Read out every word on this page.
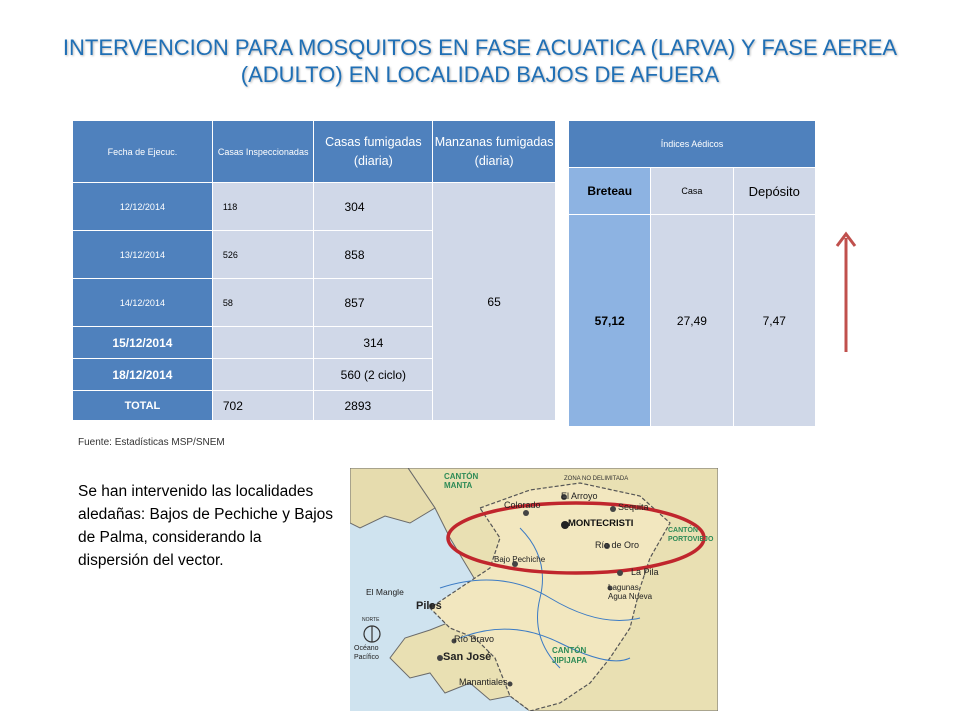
INTERVENCION PARA MOSQUITOS EN FASE ACUATICA (LARVA) Y FASE AEREA
(ADULTO) EN LOCALIDAD BAJOS DE AFUERA
Fecha de Ejecuc.	Casas Inspeccionadas	Casas fumigadas (diaria)	Manzanas fumigadas (diaria)
12/12/2014	118	304	65
13/12/2014	526	858	
14/12/2014	58	857	
15/12/2014		314	
18/12/2014		560 (2 ciclo)	
TOTAL	702	2893	
Índices Aédicos		
Breteau	Casa	Depósito
57,12	27,49	7,47
Fuente: Estadísticas MSP/SNEM
Se han intervenido las localidades aledañas: Bajos de Pechiche y Bajos de Palma, considerando la dispersión del vector.
CANTÓN MANTA
ZONA NO DELIMITADA
El Arroyo
Colorado	Sequita
MONTECRISTI
CANTÓN PORTOVIEJO
Río de Oro
Bajo Pechiche
La Pila
Lagunas
Agua Nueva
El Mangle
Piles
NORTE
Océano Pacífico
Río Bravo
San José
CANTÓN JIPIJAPA
Manantiales
